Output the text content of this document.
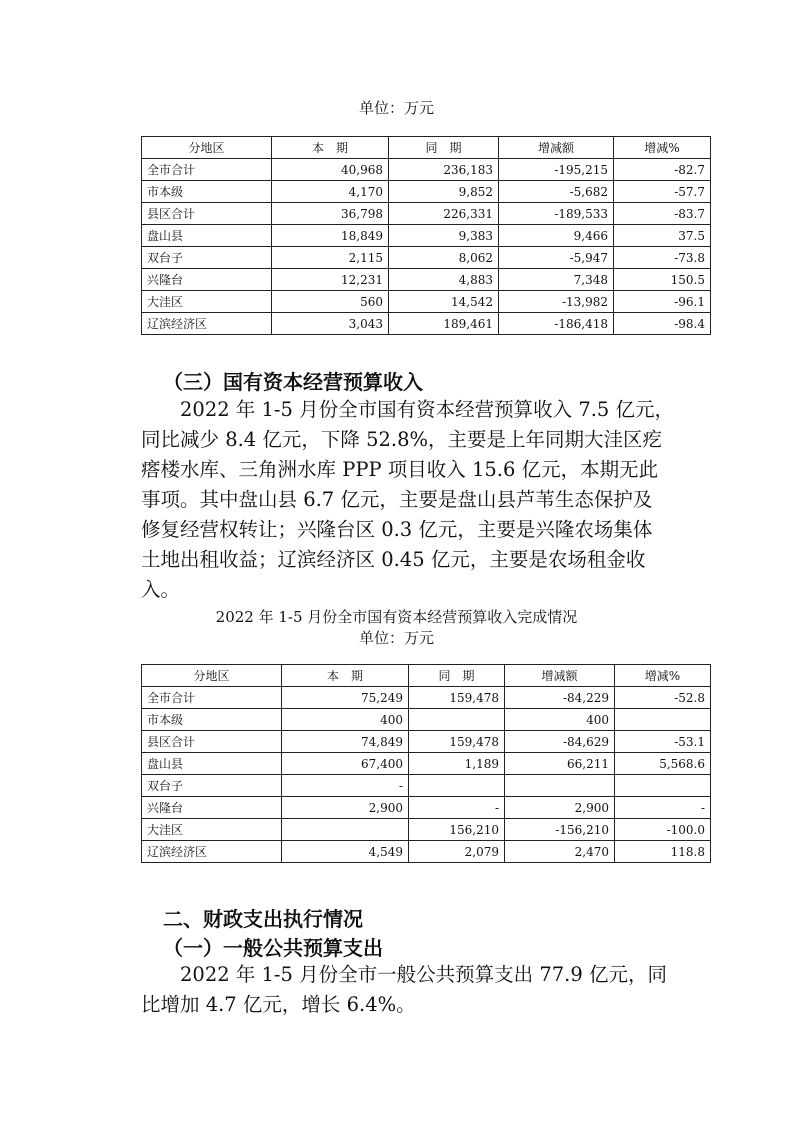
单位：万元
分地区	本　期	同　期	增减额	增减%
全市合计	40,968	236,183	-195,215	-82.7
市本级	4,170	9,852	-5,682	-57.7
县区合计	36,798	226,331	-189,533	-83.7
盘山县	18,849	9,383	9,466	37.5
双台子	2,115	8,062	-5,947	-73.8
兴隆台	12,231	4,883	7,348	150.5
大洼区	560	14,542	-13,982	-96.1
辽滨经济区	3,043	189,461	-186,418	-98.4
（三）国有资本经营预算收入
2022 年 1-5 月份全市国有资本经营预算收入 7.5 亿元，
同比减少 8.4 亿元，下降 52.8%，主要是上年同期大洼区疙
瘩楼水库、三角洲水库 PPP 项目收入 15.6 亿元，本期无此
事项。其中盘山县 6.7 亿元，主要是盘山县芦苇生态保护及
修复经营权转让；兴隆台区 0.3 亿元，主要是兴隆农场集体
土地出租收益；辽滨经济区 0.45 亿元，主要是农场租金收
入。
2022 年 1-5 月份全市国有资本经营预算收入完成情况
单位：万元
分地区	本　期	同　期	增减额	增减%
全市合计	75,249	159,478	-84,229	-52.8
市本级	400		400	
县区合计	74,849	159,478	-84,629	-53.1
盘山县	67,400	1,189	66,211	5,568.6
双台子	-			
兴隆台	2,900	-	2,900	-
大洼区		156,210	-156,210	-100.0
辽滨经济区	4,549	2,079	2,470	118.8
二、财政支出执行情况
（一）一般公共预算支出
2022 年 1-5 月份全市一般公共预算支出 77.9 亿元，同
比增加 4.7 亿元，增长 6.4%。
